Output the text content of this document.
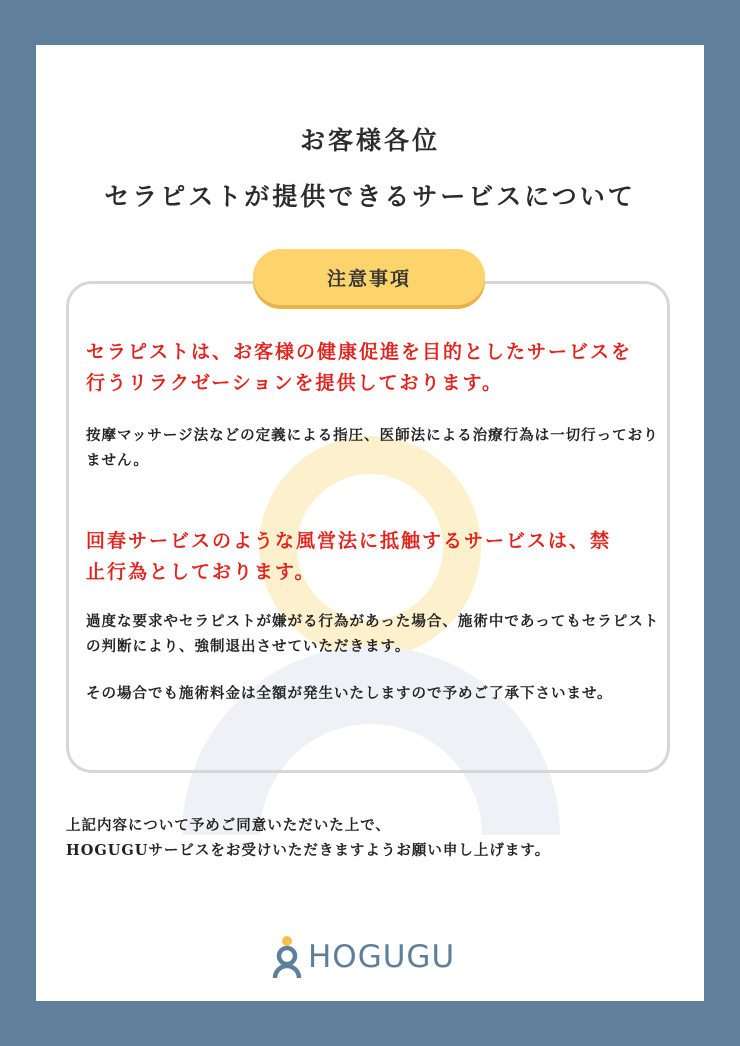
お客様各位
セラピストが提供できるサービスについて
注意事項
セラピストは、お客様の健康促進を目的としたサービスを行うリラクゼーションを提供しております。
按摩マッサージ法などの定義による指圧、医師法による治療行為は一切行っておりません。
回春サービスのような風営法に抵触するサービスは、禁止行為としております。
過度な要求やセラピストが嫌がる行為があった場合、施術中であってもセラピストの判断により、強制退出させていただきます。
その場合でも施術料金は全額が発生いたしますので予めご了承下さいませ。
上記内容について予めご同意いただいた上で、
HOGUGUサービスをお受けいただきますようお願い申し上げます。
HOGUGU
